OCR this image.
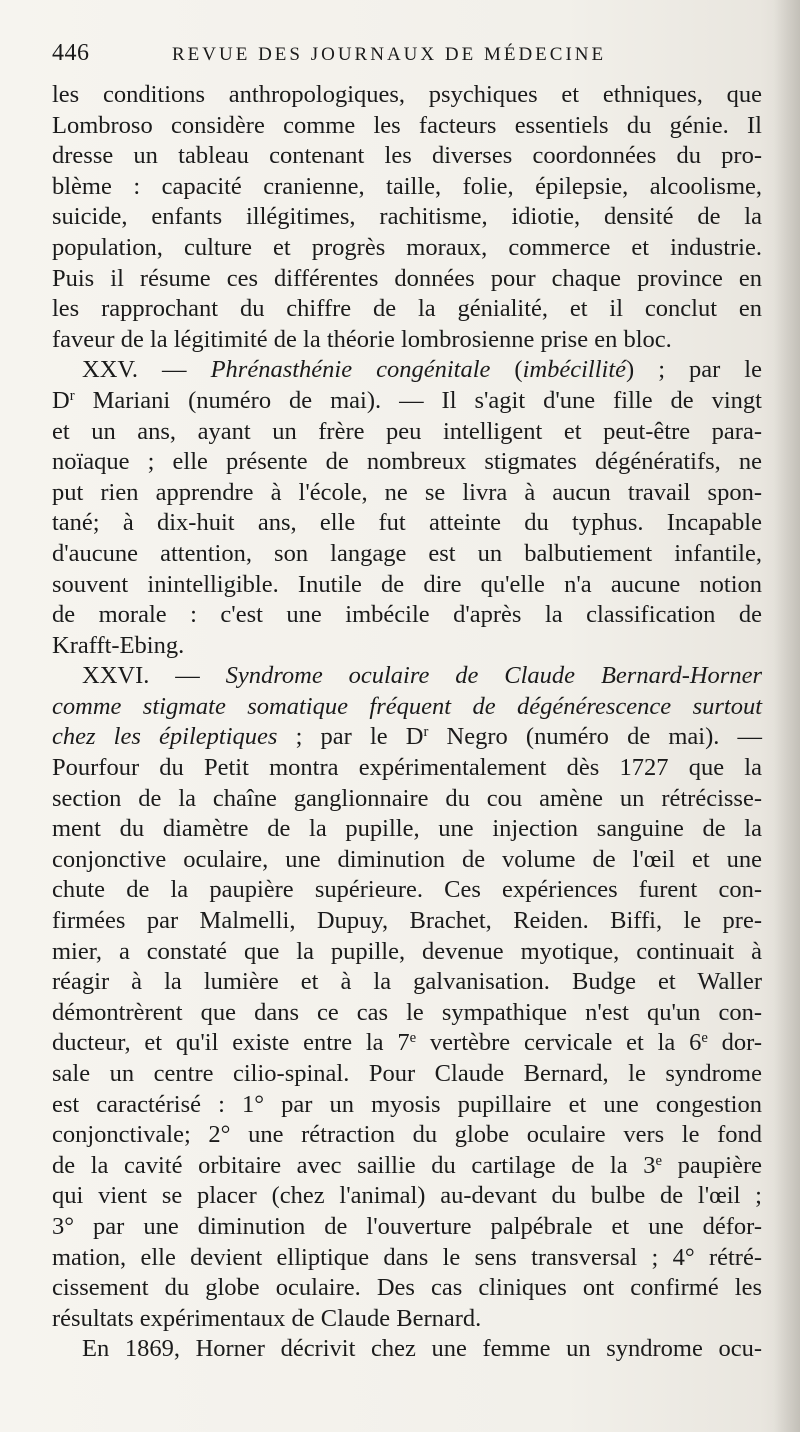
446	REVUE DES JOURNAUX DE MÉDECINE
les conditions anthropologiques, psychiques et ethniques, que
Lombroso considère comme les facteurs essentiels du génie. Il
dresse un tableau contenant les diverses coordonnées du pro-
blème : capacité cranienne, taille, folie, épilepsie, alcoolisme,
suicide, enfants illégitimes, rachitisme, idiotie, densité de la
population, culture et progrès moraux, commerce et industrie.
Puis il résume ces différentes données pour chaque province en
les rapprochant du chiffre de la génialité, et il conclut en
faveur de la légitimité de la théorie lombrosienne prise en bloc.
XXV. — Phrénasthénie congénitale (imbécillité) ; par le
$D^r$ Mariani (numéro de mai). — Il s'agit d'une fille de vingt
et un ans, ayant un frère peu intelligent et peut-être para-
noïaque ; elle présente de nombreux stigmates dégénératifs, ne
put rien apprendre à l'école, ne se livra à aucun travail spon-
tané; à dix-huit ans, elle fut atteinte du typhus. Incapable
d'aucune attention, son langage est un balbutiement infantile,
souvent inintelligible. Inutile de dire qu'elle n'a aucune notion
de morale : c'est une imbécile d'après la classification de
Krafft-Ebing.
XXVI. — Syndrome oculaire de Claude Bernard-Horner
comme stigmate somatique fréquent de dégénérescence surtout
chez les épileptiques ; par le $D^r$ Negro (numéro de mai). —
Pourfour du Petit montra expérimentalement dès 1727 que la
section de la chaîne ganglionnaire du cou amène un rétrécisse-
ment du diamètre de la pupille, une injection sanguine de la
conjonctive oculaire, une diminution de volume de l'œil et une
chute de la paupière supérieure. Ces expériences furent con-
firmées par Malmelli, Dupuy, Brachet, Reiden. Biffi, le pre-
mier, a constaté que la pupille, devenue myotique, continuait à
réagir à la lumière et à la galvanisation. Budge et Waller
démontrèrent que dans ce cas le sympathique n'est qu'un con-
ducteur, et qu'il existe entre la 7e vertèbre cervicale et la 6e dor-
sale un centre cilio-spinal. Pour Claude Bernard, le syndrome
est caractérisé : 1° par un myosis pupillaire et une congestion
conjonctivale; 2° une rétraction du globe oculaire vers le fond
de la cavité orbitaire avec saillie du cartilage de la 3e paupière
qui vient se placer (chez l'animal) au-devant du bulbe de l'œil ;
3° par une diminution de l'ouverture palpébrale et une défor-
mation, elle devient elliptique dans le sens transversal ; 4° rétré-
cissement du globe oculaire. Des cas cliniques ont confirmé les
résultats expérimentaux de Claude Bernard.
En 1869, Horner décrivit chez une femme un syndrome ocu-
